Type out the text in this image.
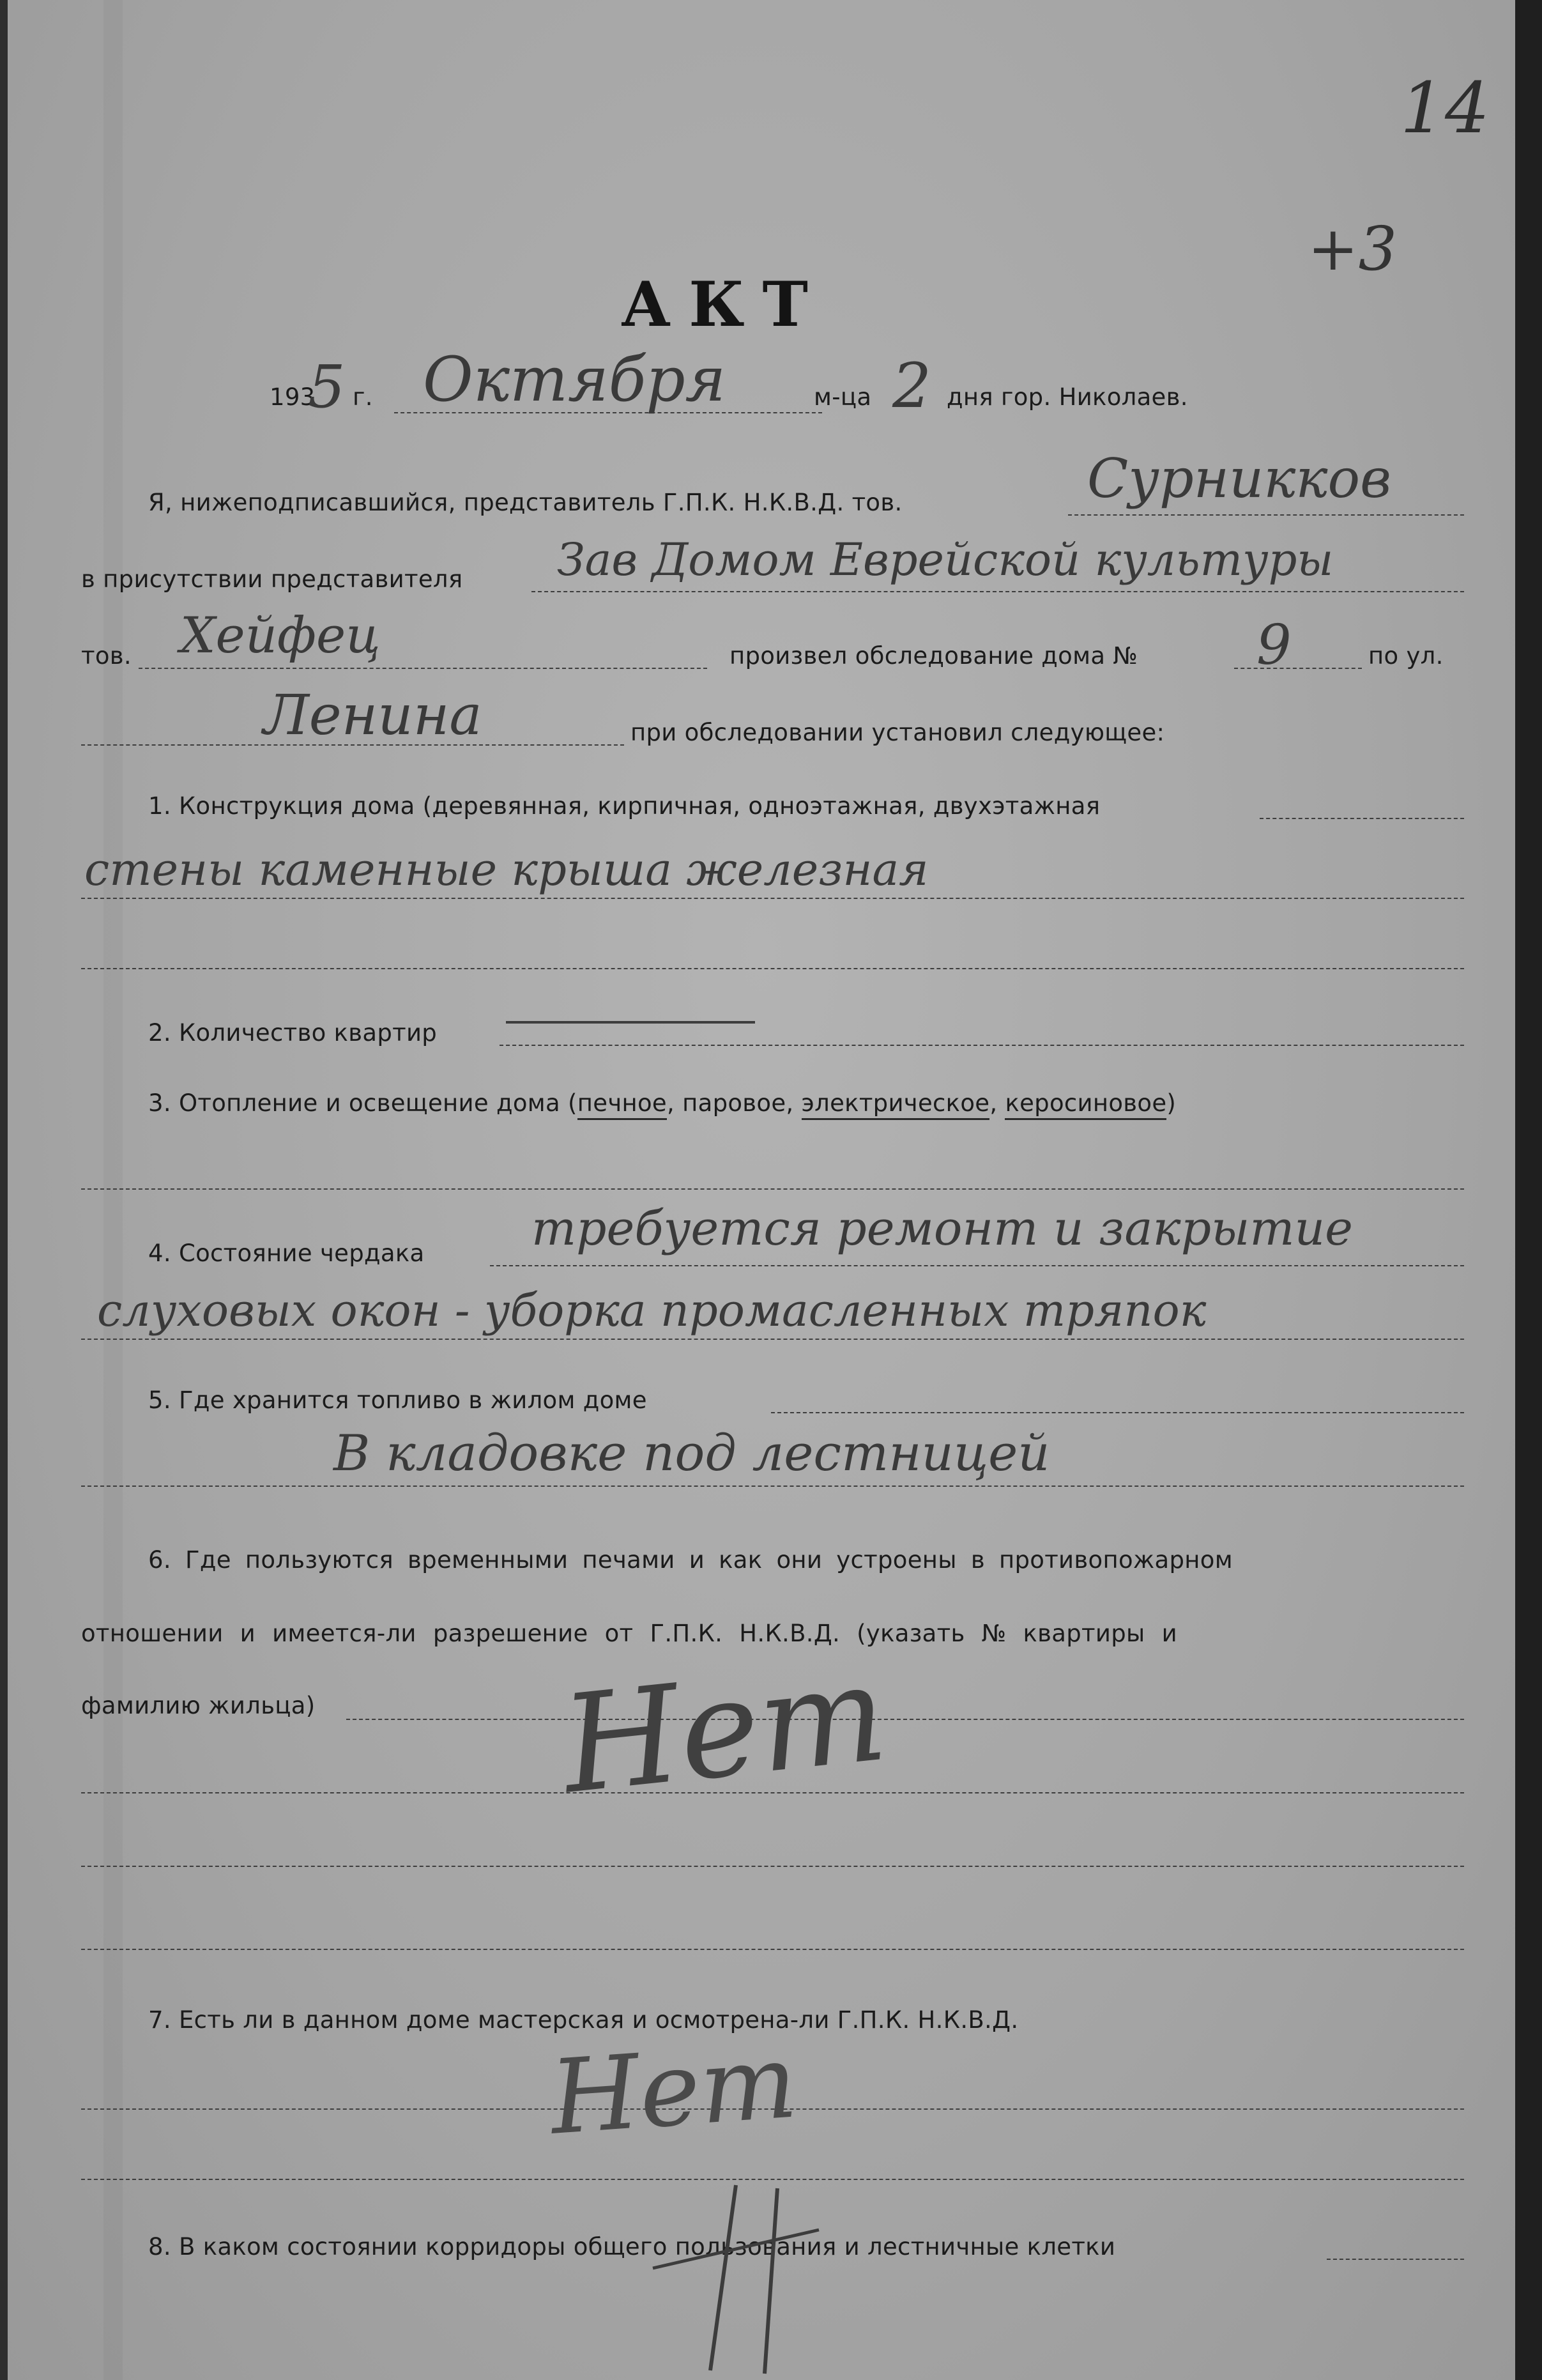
14
+3
АКТ
193
5 г. Октября	м-ца 2 дня гор. Николаев.
Я, нижеподписавшийся, представитель Г.П.К. Н.К.В.Д. тов.	Сурникков
в присутствии представителя Зав Домом Еврейской культуры
тов. Хейфец	произвел обследование дома № 9	по ул.
Ленина	при обследовании установил следующее:
1. Конструкция дома (деревянная, кирпичная, одноэтажная, двухэтажная
стены каменные крыша железная
2. Количество квартир
3. Отопление и освещение дома (печное, паровое, электрическое, керосиновое)
4. Состояние чердака требуется ремонт и закрытие
слуховых окон - уборка промасленных тряпок
5. Где хранится топливо в жилом доме
В кладовке под лестницей
6. Где пользуются временными печами и как они устроены в противопожарном
отношении и имеется-ли разрешение от Г.П.К. Н.К.В.Д. (указать № квартиры и
фамилию жильца) Нет
7. Есть ли в данном доме мастерская и осмотрена-ли Г.П.К. Н.К.В.Д.
Нет
8. В каком состоянии корридоры общего пользования и лестничные клетки
